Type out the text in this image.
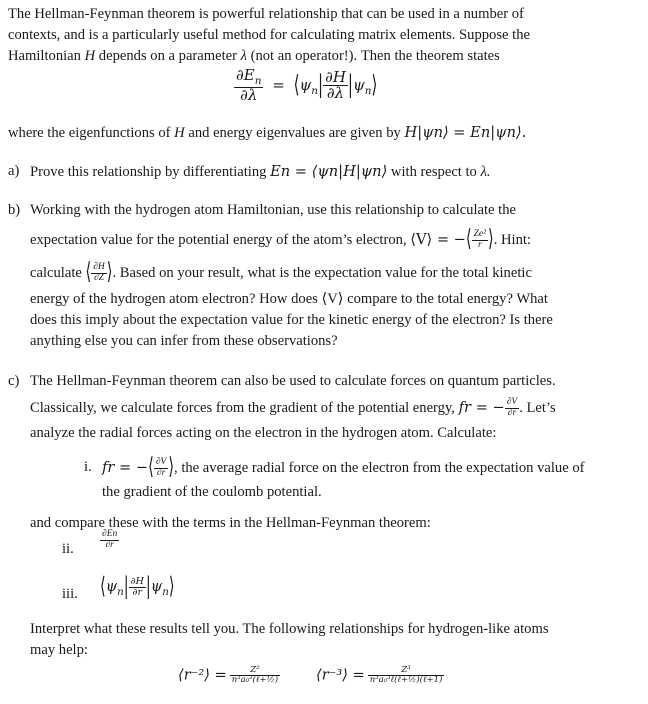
The Hellman-Feynman theorem is powerful relationship that can be used in a number of
contexts, and is a particularly useful method for calculating matrix elements. Suppose the
Hamiltonian H depends on a parameter λ (not an operator!). Then the theorem states
$\frac{\partial E_n}{\partial\lambda}$ = $⟨\psi_n| \frac{\partial H}{\partial\lambda}$ $|\psi_n⟩$
where the eigenfunctions of H and energy eigenvalues are given by H|ψn⟩ = En|ψn⟩.
a) Prove this relationship by differentiating En = ⟨ψn|H|ψn⟩ with respect to λ.
b) Working with the hydrogen atom Hamiltonian, use this relationship to calculate the
expectation value for the potential energy of the atom’s electron, ⟨V⟩ = −⟨ $\frac{\text{Ze²}}{r}$ ⟩. Hint:
calculate ⟨ $\frac{\partial H}{\partial Z}$ ⟩. Based on your result, what is the expectation value for the total kinetic
energy of the hydrogen atom electron? How does ⟨V⟩ compare to the total energy? What
does this imply about the expectation value for the kinetic energy of the electron? Is there
anything else you can infer from these observations?
c) The Hellman-Feynman theorem can also be used to calculate forces on quantum particles.
Classically, we calculate forces from the gradient of the potential energy, fr = − $\frac{\partial V}{\partial r}$ . Let’s
analyze the radial forces acting on the electron in the hydrogen atom. Calculate:
i. fr = −⟨ $\frac{\partial V}{\partial r}$ ⟩, the average radial force on the electron from the expectation value of
the gradient of the coulomb potential.
and compare these with the terms in the Hellman-Feynman theorem:
ii.	$\frac{\partial En}{\partial r}$
iii. $⟨\psi_n| \frac{\partial H}{\partial r}$ $|\psi_n⟩$
Interpret what these results tell you. The following relationships for hydrogen-like atoms
may help:
⟨r⁻²⟩ = $\frac{\text{Z²}}{\text{n³a₀²(ℓ+½)}}$ ⟨r⁻³⟩ = $\frac{\text{Z³}}{\text{n³a₀³ℓ(ℓ+½)(ℓ+1)}}$
